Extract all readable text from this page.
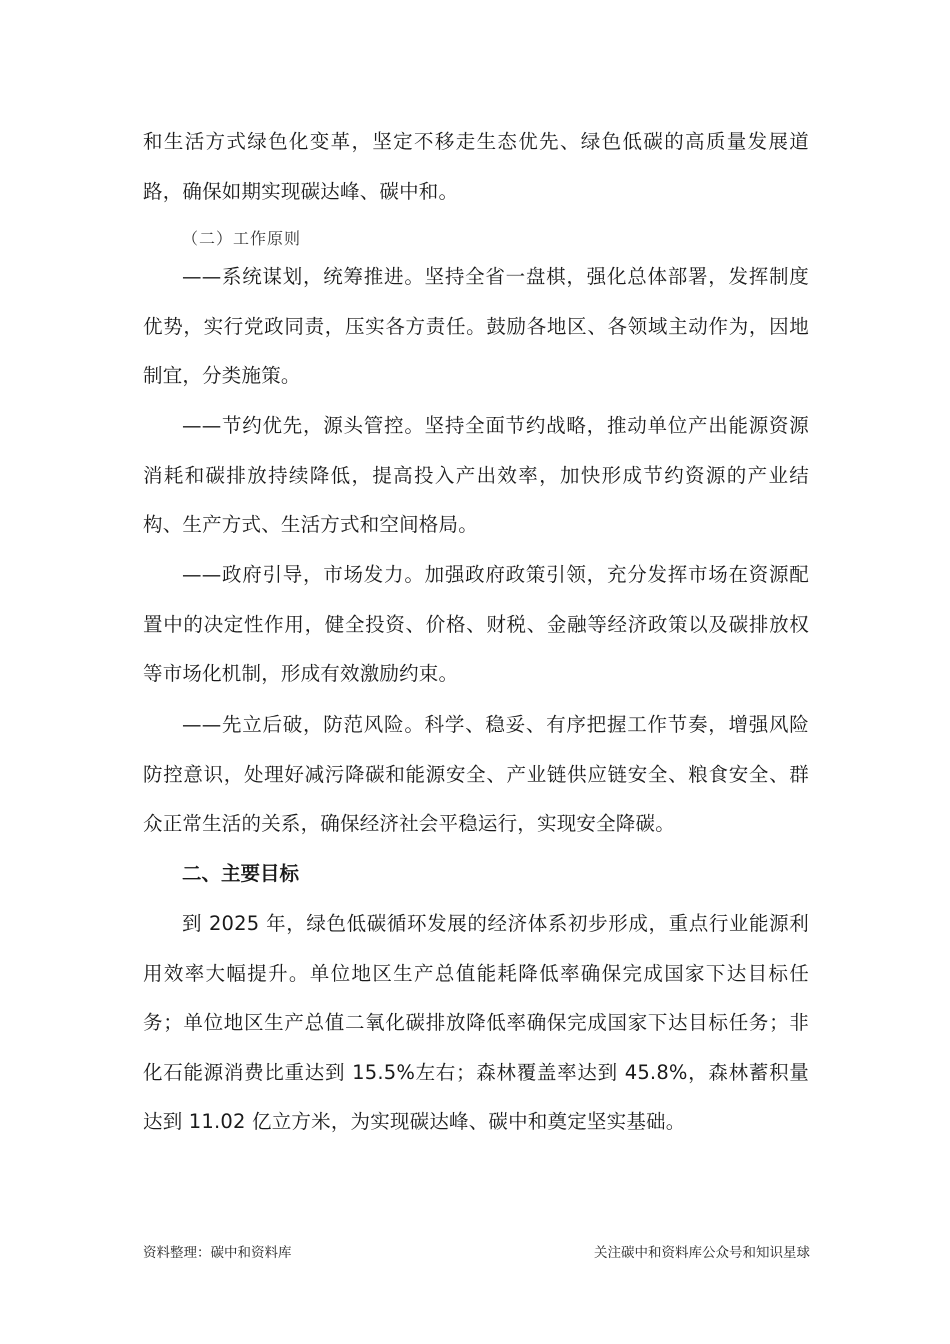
和生活方式绿色化变革，坚定不移走生态优先、绿色低碳的高质量发展道路，确保如期实现碳达峰、碳中和。

（二）工作原则

——系统谋划，统筹推进。坚持全省一盘棋，强化总体部署，发挥制度优势，实行党政同责，压实各方责任。鼓励各地区、各领域主动作为，因地制宜，分类施策。

——节约优先，源头管控。坚持全面节约战略，推动单位产出能源资源消耗和碳排放持续降低，提高投入产出效率，加快形成节约资源的产业结构、生产方式、生活方式和空间格局。

——政府引导，市场发力。加强政府政策引领，充分发挥市场在资源配置中的决定性作用，健全投资、价格、财税、金融等经济政策以及碳排放权等市场化机制，形成有效激励约束。

——先立后破，防范风险。科学、稳妥、有序把握工作节奏，增强风险防控意识，处理好减污降碳和能源安全、产业链供应链安全、粮食安全、群众正常生活的关系，确保经济社会平稳运行，实现安全降碳。

二、主要目标

到 2025 年，绿色低碳循环发展的经济体系初步形成，重点行业能源利用效率大幅提升。单位地区生产总值能耗降低率确保完成国家下达目标任务；单位地区生产总值二氧化碳排放降低率确保完成国家下达目标任务；非化石能源消费比重达到 15.5%左右；森林覆盖率达到 45.8%，森林蓄积量达到 11.02 亿立方米，为实现碳达峰、碳中和奠定坚实基础。

资料整理：碳中和资料库	关注碳中和资料库公众号和知识星球
